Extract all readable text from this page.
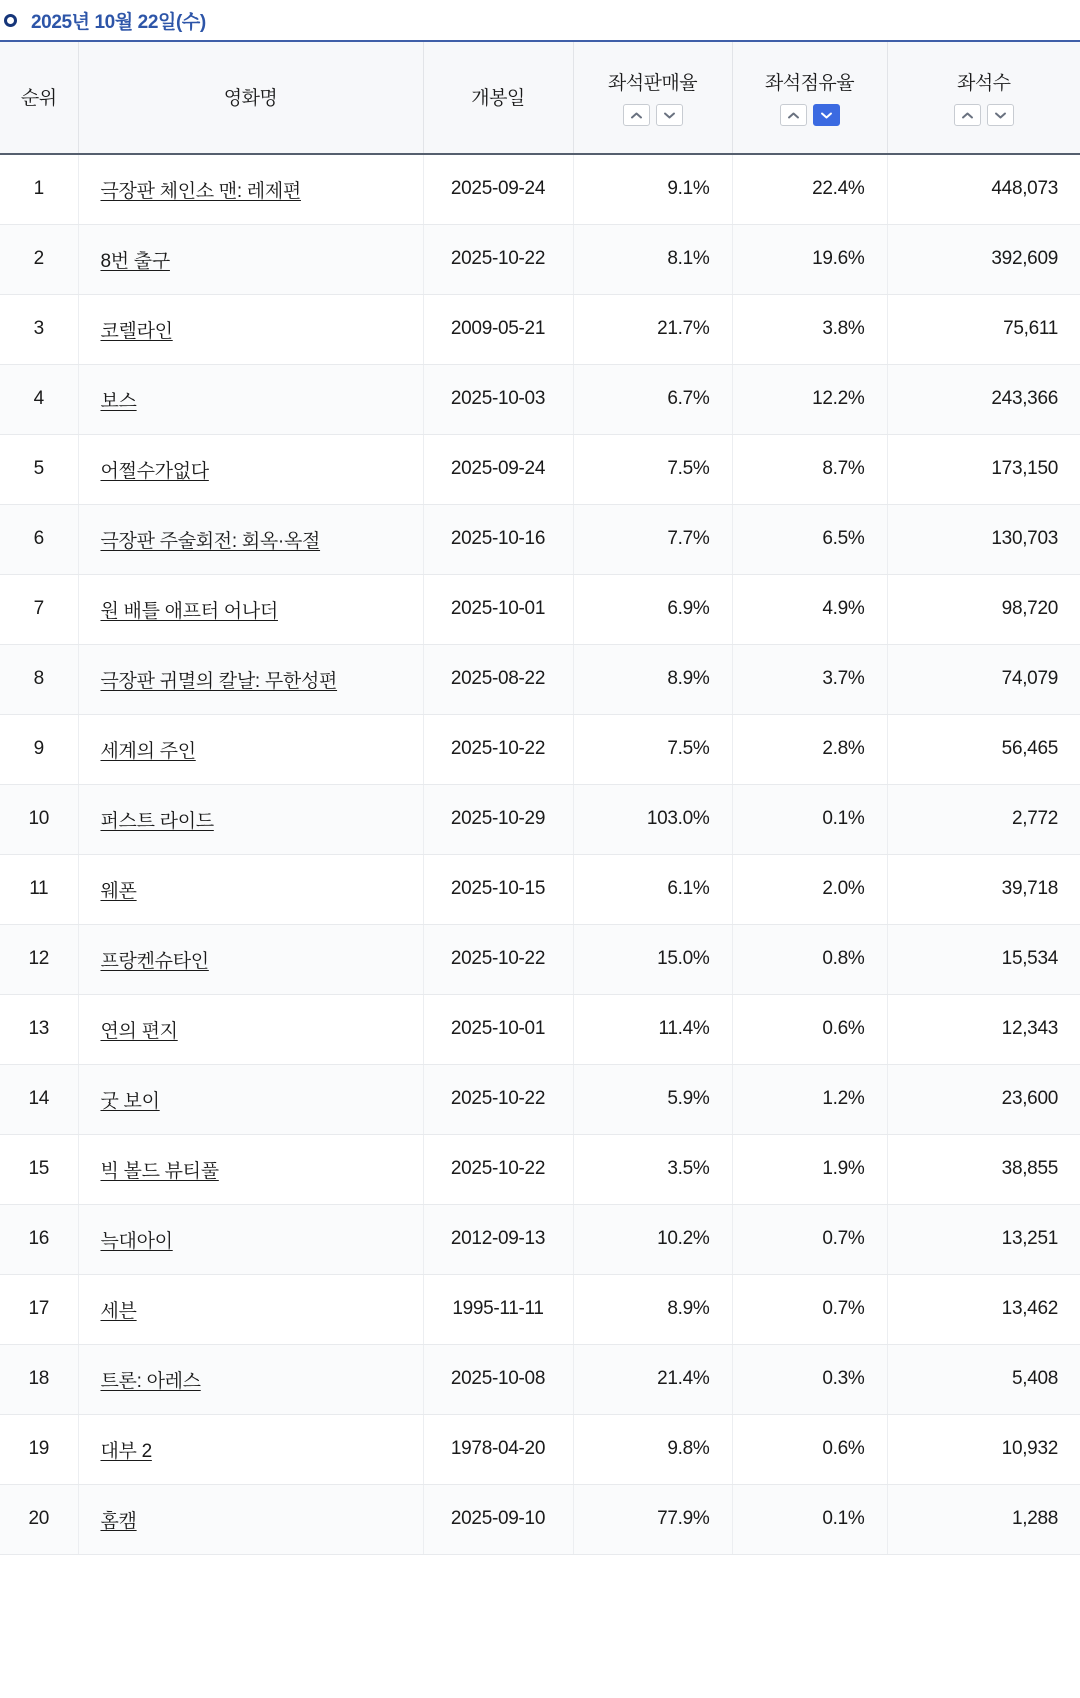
2025년 10월 22일(수)
순위	영화명	개봉일	좌석판매율	좌석점유율	좌석수

1	극장판 체인소 맨: 레제편	2025-09-24	9.1%	22.4%	448,073
2	8번 출구	2025-10-22	8.1%	19.6%	392,609
3	코렐라인	2009-05-21	21.7%	3.8%	75,611
4	보스	2025-10-03	6.7%	12.2%	243,366
5	어쩔수가없다	2025-09-24	7.5%	8.7%	173,150
6	극장판 주술회전: 회옥·옥절	2025-10-16	7.7%	6.5%	130,703
7	원 배틀 애프터 어나더	2025-10-01	6.9%	4.9%	98,720
8	극장판 귀멸의 칼날: 무한성편	2025-08-22	8.9%	3.7%	74,079
9	세계의 주인	2025-10-22	7.5%	2.8%	56,465
10	퍼스트 라이드	2025-10-29	103.0%	0.1%	2,772
11	웨폰	2025-10-15	6.1%	2.0%	39,718
12	프랑켄슈타인	2025-10-22	15.0%	0.8%	15,534
13	연의 편지	2025-10-01	11.4%	0.6%	12,343
14	굿 보이	2025-10-22	5.9%	1.2%	23,600
15	빅 볼드 뷰티풀	2025-10-22	3.5%	1.9%	38,855
16	늑대아이	2012-09-13	10.2%	0.7%	13,251
17	세븐	1995-11-11	8.9%	0.7%	13,462
18	트론: 아레스	2025-10-08	21.4%	0.3%	5,408
19	대부 2	1978-04-20	9.8%	0.6%	10,932
20	홈캠	2025-09-10	77.9%	0.1%	1,288
